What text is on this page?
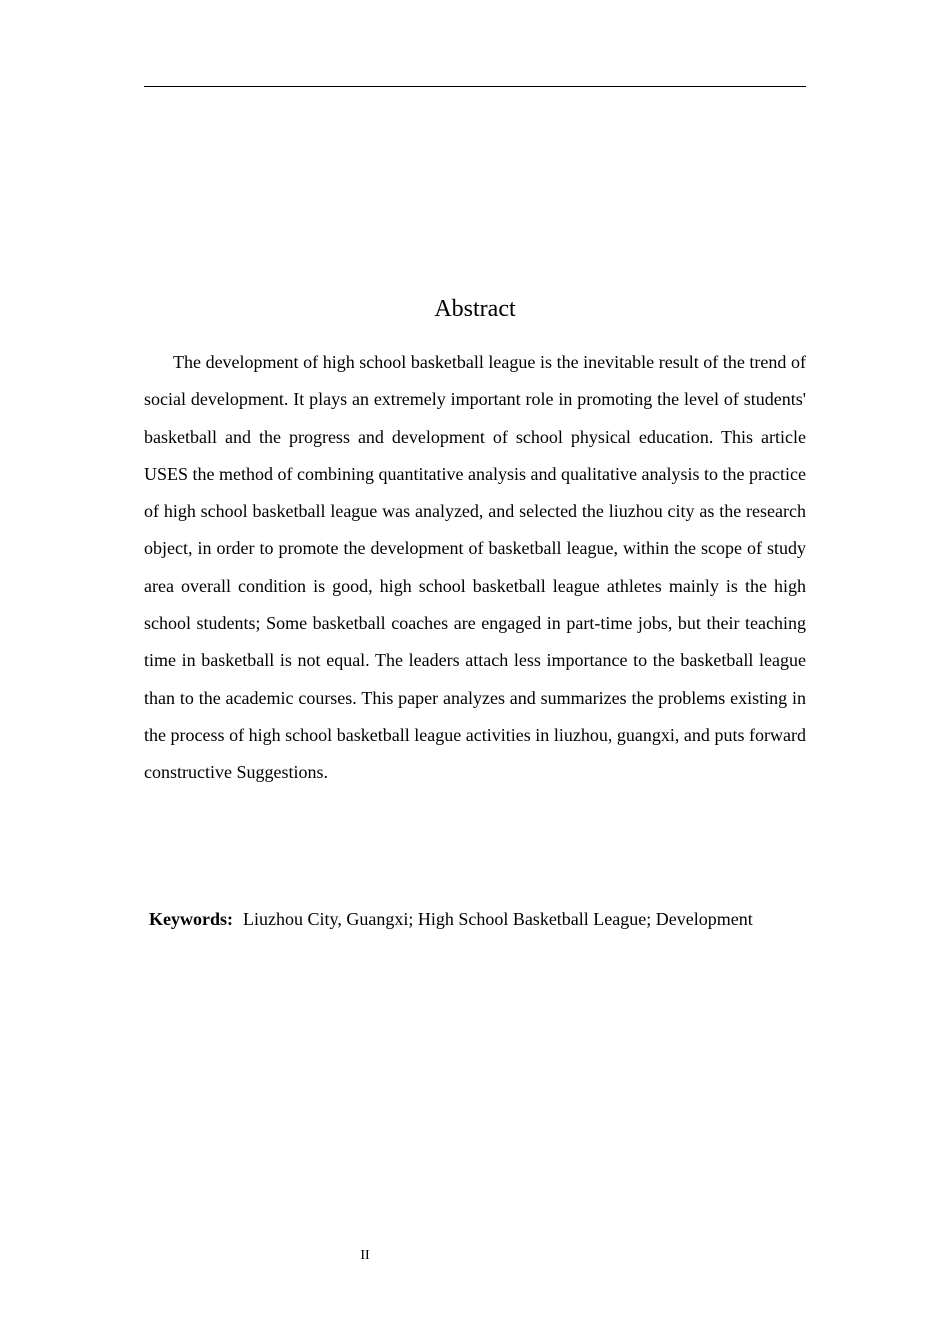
Abstract

The development of high school basketball league is the inevitable result of the trend of social development. It plays an extremely important role in promoting the level of students' basketball and the progress and development of school physical education. This article USES the method of combining quantitative analysis and qualitative analysis to the practice of high school basketball league was analyzed, and selected the liuzhou city as the research object, in order to promote the development of basketball league, within the scope of study area overall condition is good, high school basketball league athletes mainly is the high school students; Some basketball coaches are engaged in part-time jobs, but their teaching time in basketball is not equal. The leaders attach less importance to the basketball league than to the academic courses. This paper analyzes and summarizes the problems existing in the process of high school basketball league activities in liuzhou, guangxi, and puts forward constructive Suggestions.

Keywords: Liuzhou City, Guangxi; High School Basketball League; Development

II
